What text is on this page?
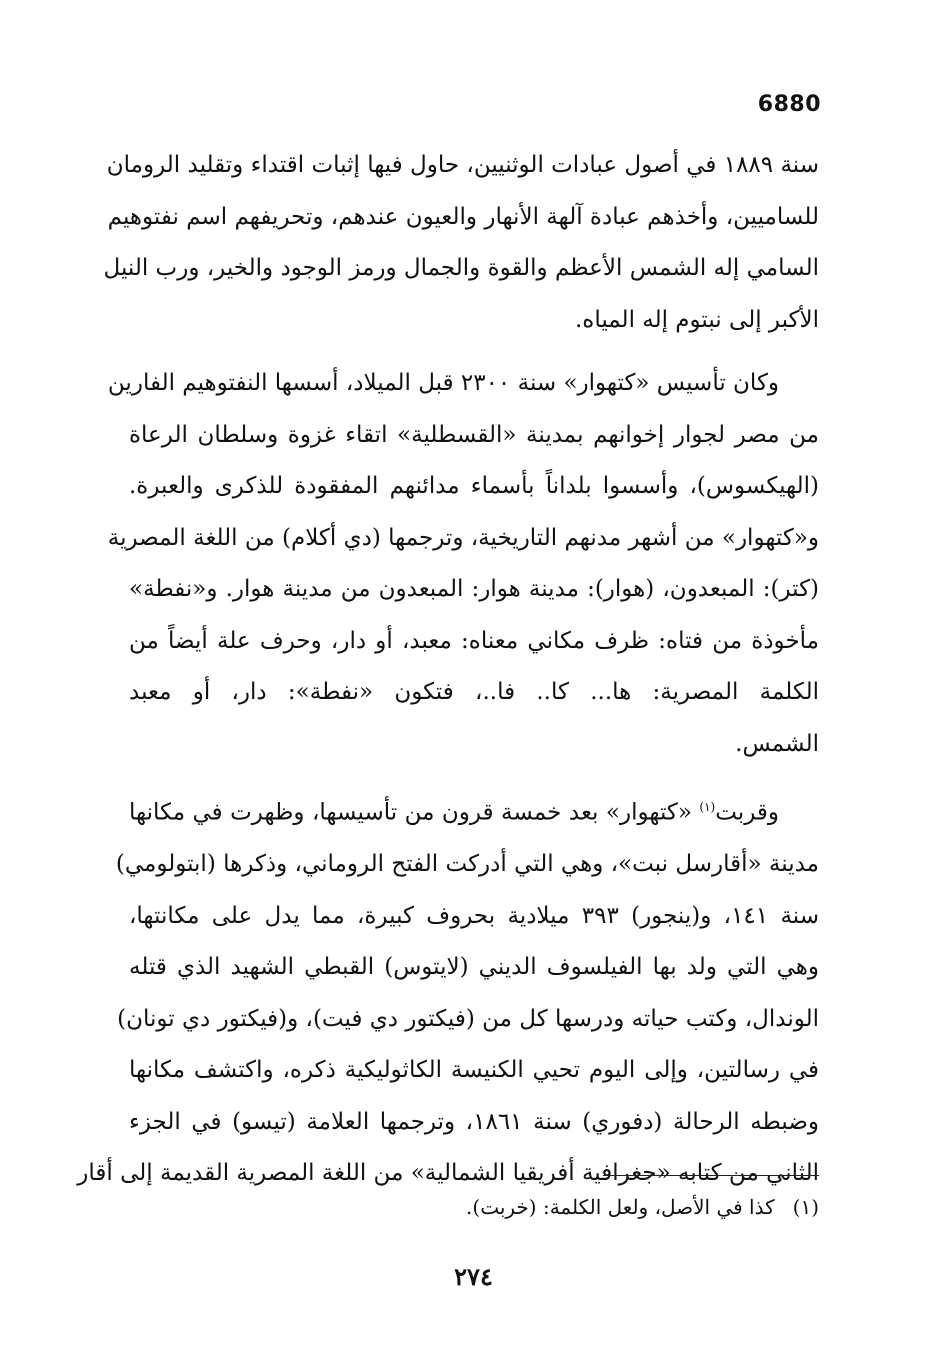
6880
سنة ١٨٨٩ في أصول عبادات الوثنيين، حاول فيها إثبات اقتداء وتقليد الرومان
للساميين، وأخذهم عبادة آلهة الأنهار والعيون عندهم، وتحريفهم اسم نفتوهيم
السامي إله الشمس الأعظم والقوة والجمال ورمز الوجود والخير، ورب النيل
الأكبر إلى نبتوم إله المياه.
وكان تأسيس «كتهوار» سنة ٢٣٠٠ قبل الميلاد، أسسها النفتوهيم الفارين
من مصر لجوار إخوانهم بمدينة «القسطلية» اتقاء غزوة وسلطان الرعاة
(الهيكسوس)، وأسسوا بلداناً بأسماء مدائنهم المفقودة للذكرى والعبرة.
و«كتهوار» من أشهر مدنهم التاريخية، وترجمها (دي أكلام) من اللغة المصرية
(كتر): المبعدون، (هوار): مدينة هوار: المبعدون من مدينة هوار. و«نفطة»
مأخوذة من فتاه: ظرف مكاني معناه: معبد، أو دار، وحرف علة أيضاً من
الكلمة المصرية: ها... كا.. فا..، فتكون «نفطة»: دار، أو معبد
الشمس.
وقربت$^{(١)}$ «كتهوار» بعد خمسة قرون من تأسيسها، وظهرت في مكانها
مدينة «أقارسل نبت»، وهي التي أدركت الفتح الروماني، وذكرها (ابتولومي)
سنة ١٤١، و(ينجور) ٣٩٣ ميلادية بحروف كبيرة، مما يدل على مكانتها،
وهي التي ولد بها الفيلسوف الديني (لايتوس) القبطي الشهيد الذي قتله
الوندال، وكتب حياته ودرسها كل من (فيكتور دي فيت)، و(فيكتور دي تونان)
في رسالتين، وإلى اليوم تحيي الكنيسة الكاثوليكية ذكره، واكتشف مكانها
وضبطه الرحالة (دفوري) سنة ١٨٦١، وترجمها العلامة (تيسو) في الجزء
الثاني من كتابه «جغرافية أفريقيا الشمالية» من اللغة المصرية القديمة إلى أقار
(١)كذا في الأصل، ولعل الكلمة: (خربت).
٢٧٤
